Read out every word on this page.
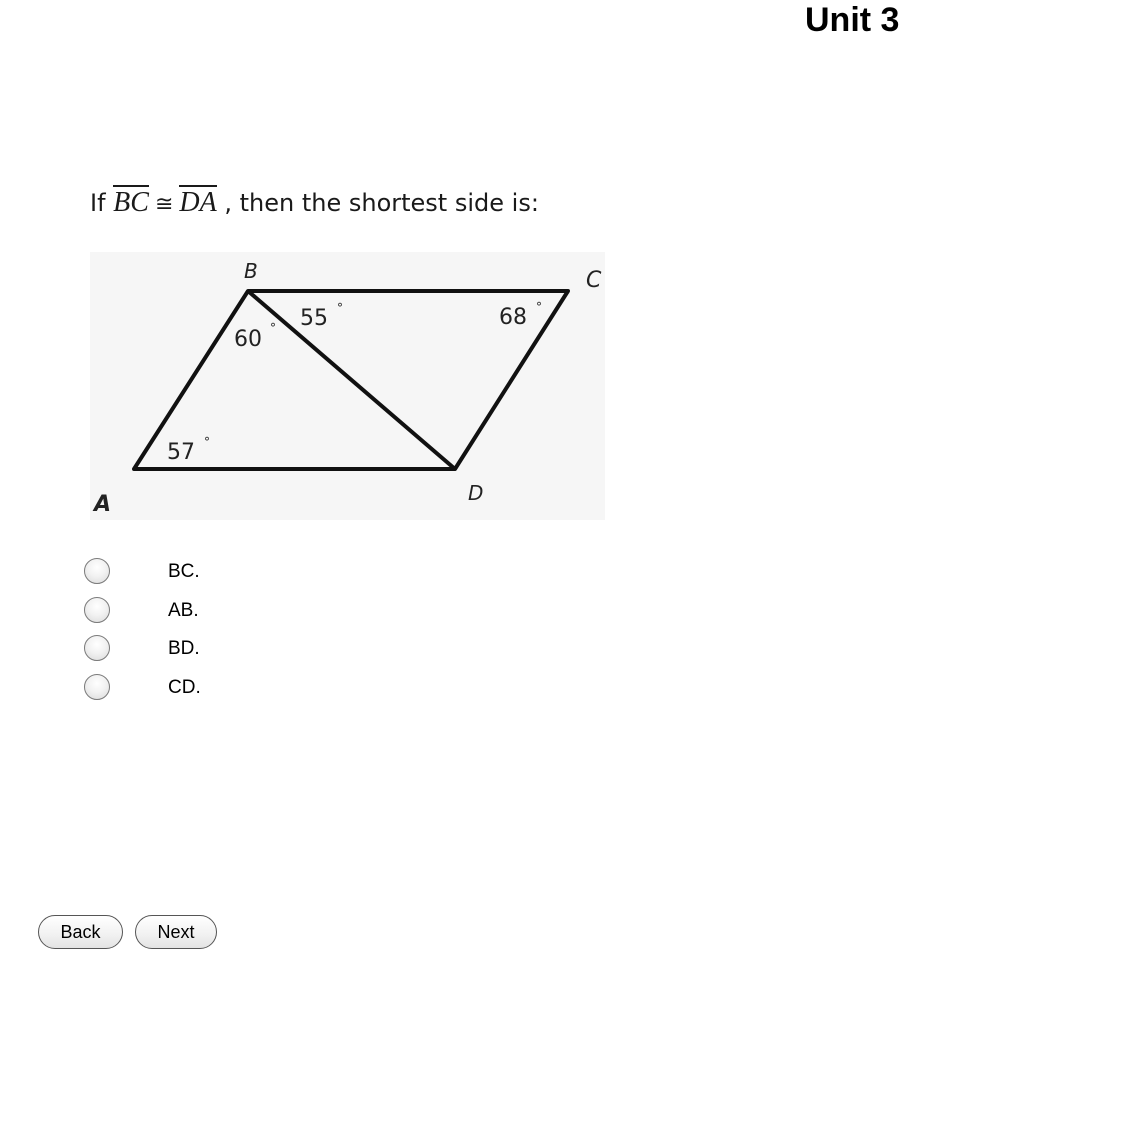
Unit 3
B	C
A	D
55 °
60 °	68 °
57 °
If BC ≅ DA , then the shortest side is:
BC.
AB.
BD.
CD.
Back	Next
